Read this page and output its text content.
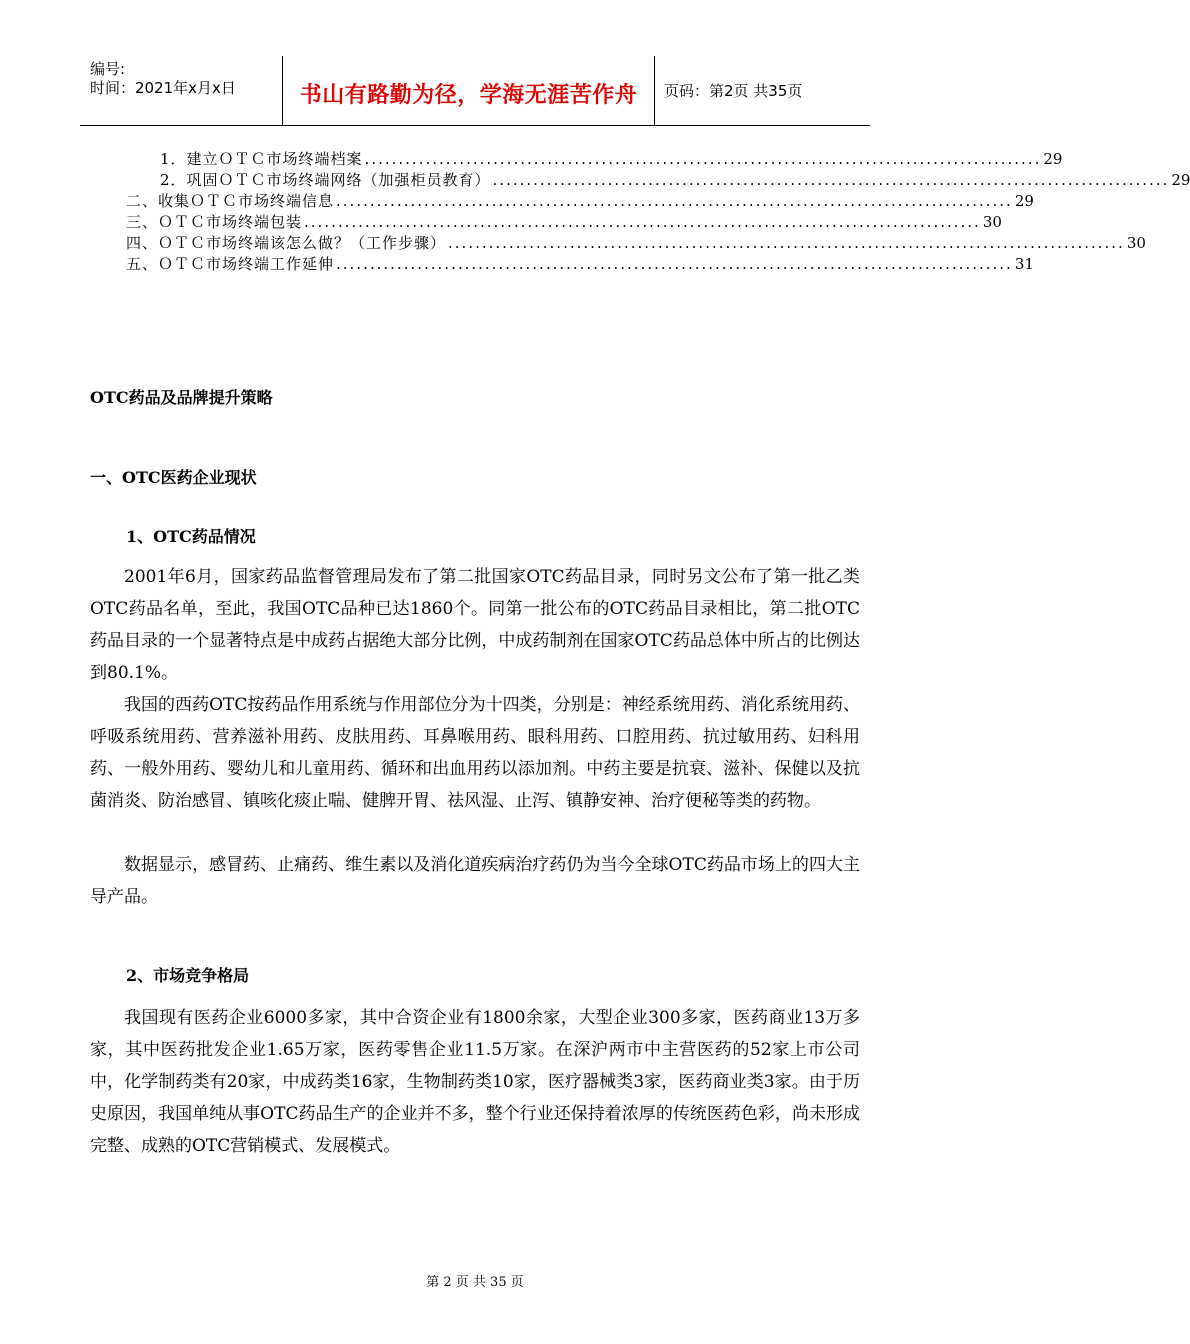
编号:
时间：2021年x月x日	书山有路勤为径，学海无涯苦作舟	页码：第2页 共35页
1．建立ＯＴＣ市场终端档案 .................................................................................................... 29
2．巩固ＯＴＣ市场终端网络（加强柜员教育） .................................................................................................... 29
二、收集ＯＴＣ市场终端信息 .................................................................................................... 29
三、ＯＴＣ市场终端包装 .................................................................................................... 30
四、ＯＴＣ市场终端该怎么做？（工作步骤） .................................................................................................... 30
五、ＯＴＣ市场终端工作延伸 .................................................................................................... 31
OTC药品及品牌提升策略
一、OTC医药企业现状
1、OTC药品情况

2001年6月，国家药品监督管理局发布了第二批国家OTC药品目录，同时另文公布了第一批乙类OTC药品名单，至此，我国OTC品种已达1860个。同第一批公布的OTC药品目录相比，第二批OTC药品目录的一个显著特点是中成药占据绝大部分比例，中成药制剂在国家OTC药品总体中所占的比例达到80.1%。

我国的西药OTC按药品作用系统与作用部位分为十四类，分别是：神经系统用药、消化系统用药、呼吸系统用药、营养滋补用药、皮肤用药、耳鼻喉用药、眼科用药、口腔用药、抗过敏用药、妇科用药、一般外用药、婴幼儿和儿童用药、循环和出血用药以添加剂。中药主要是抗衰、滋补、保健以及抗菌消炎、防治感冒、镇咳化痰止喘、健脾开胃、祛风湿、止泻、镇静安神、治疗便秘等类的药物。

数据显示，感冒药、止痛药、维生素以及消化道疾病治疗药仍为当今全球OTC药品市场上的四大主导产品。

2、市场竞争格局

我国现有医药企业6000多家，其中合资企业有1800余家，大型企业300多家，医药商业13万多家，其中医药批发企业1.65万家，医药零售企业11.5万家。在深沪两市中主营医药的52家上市公司中，化学制药类有20家，中成药类16家，生物制药类10家，医疗器械类3家，医药商业类3家。由于历史原因，我国单纯从事OTC药品生产的企业并不多，整个行业还保持着浓厚的传统医药色彩，尚未形成完整、成熟的OTC营销模式、发展模式。

第 2 页 共 35 页
